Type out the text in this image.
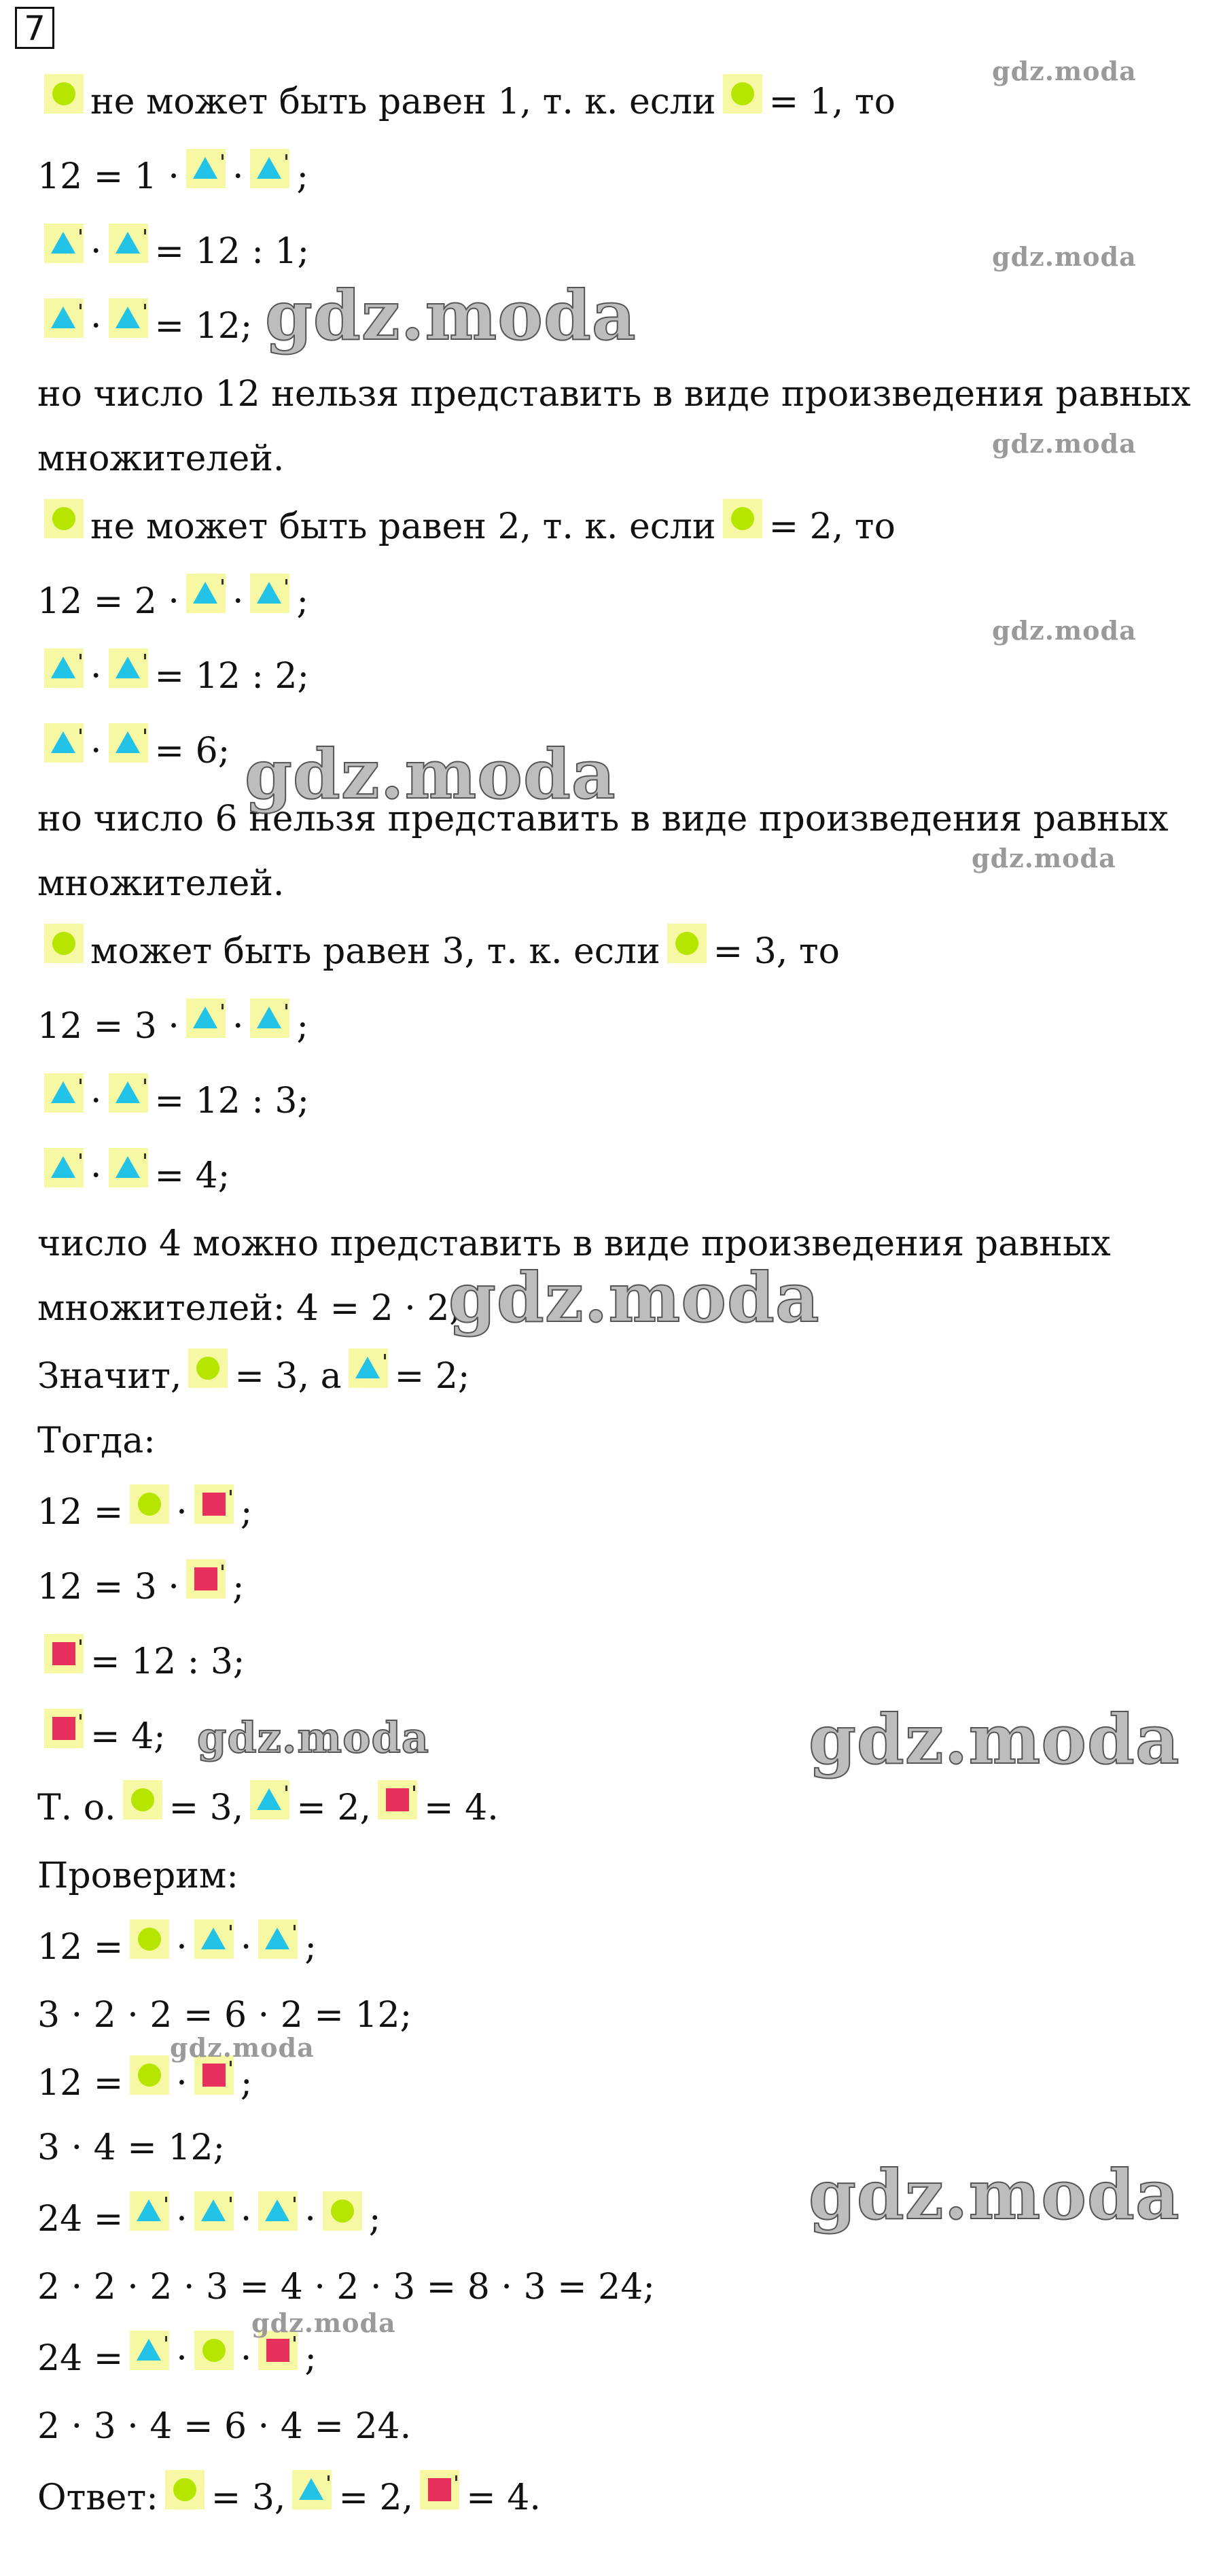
7
не может быть равен 1, т. к. если = 1, то
12 = 1 · · ;
· = 12 : 1;
· = 12;
но число 12 нельзя представить в виде произведения равных
множителей.
не может быть равен 2, т. к. если = 2, то
12 = 2 · · ;
· = 12 : 2;
· = 6;
но число 6 нельзя представить в виде произведения равных
множителей.
может быть равен 3, т. к. если = 3, то
12 = 3 · · ;
· = 12 : 3;
· = 4;
число 4 можно представить в виде произведения равных
множителей: 4 = 2 · 2;
Значит, = 3, а = 2;
Тогда:
12 = · ;
12 = 3 · ;
= 12 : 3;
= 4;
Т. о. = 3, = 2, = 4.
Проверим:
12 = · · ;
3 · 2 · 2 = 6 · 2 = 12;
12 = · ;
3 · 4 = 12;
24 = · · · ;
2 · 2 · 2 · 3 = 4 · 2 · 3 = 8 · 3 = 24;
24 = · · ;
2 · 3 · 4 = 6 · 4 = 24.
Ответ: = 3, = 2, = 4.
gdz.moda
gdz.moda
gdz.moda
gdz.moda
gdz.moda
gdz.moda
gdz.moda
gdz.moda
gdz.moda	gdz.moda
gdz.moda
gdz.moda
gdz.moda
